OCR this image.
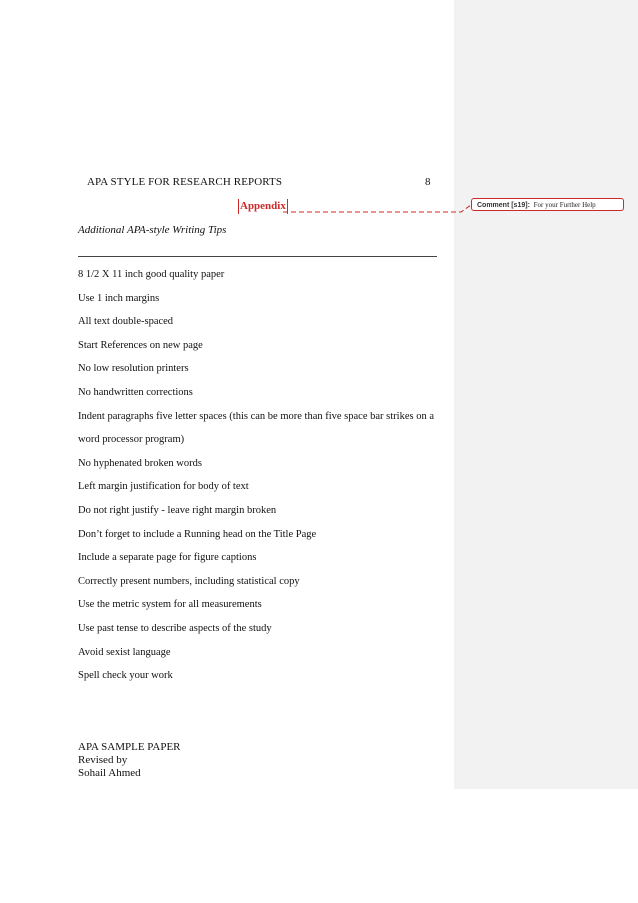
APA STYLE FOR RESEARCH REPORTS	8
Appendix
Additional APA-style Writing Tips
8 1/2 X 11 inch good quality paper
Use 1 inch margins
All text double-spaced
Start References on new page
No low resolution printers
No handwritten corrections
Indent paragraphs five letter spaces (this can be more than five space bar strikes on a
word processor program)
No hyphenated broken words
Left margin justification for body of text
Do not right justify - leave right margin broken
Don’t forget to include a Running head on the Title Page
Include a separate page for figure captions
Correctly present numbers, including statistical copy
Use the metric system for all measurements
Use past tense to describe aspects of the study
Avoid sexist language
Spell check your work
APA SAMPLE PAPER
Revised by
Sohail Ahmed
Comment [s19]: For your Further Help
